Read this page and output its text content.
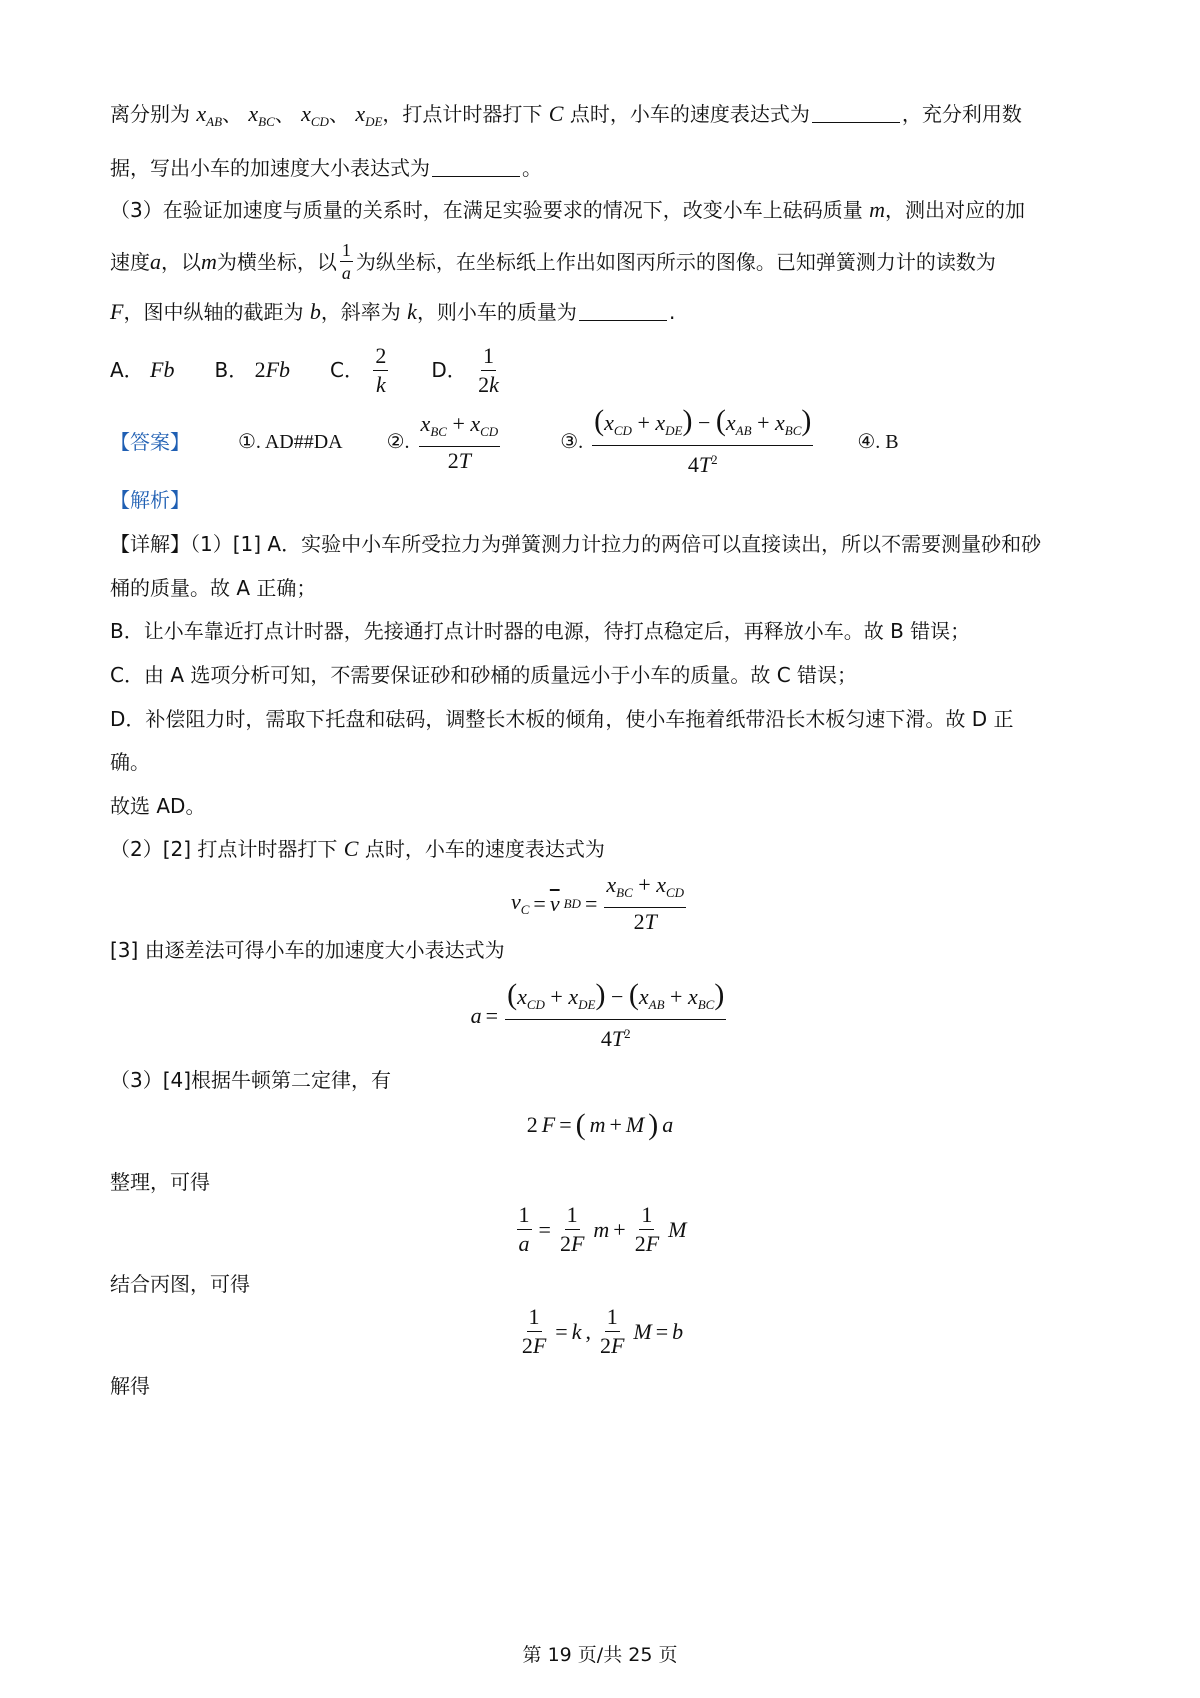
离分别为 $x_{AB}$、 $x_{BC}$、 $x_{CD}$、 $x_{DE}$，打点计时器打下 C 点时，小车的速度表达式为	，充分利用数
据，写出小车的加速度大小表达式为	。
（3）在验证加速度与质量的关系时，在满足实验要求的情况下，改变小车上砝码质量 m，测出对应的加
速度 a ，以 m 为横坐标，以 $\frac{1}{a}$ 为纵坐标，在坐标纸上作出如图丙所示的图像。已知弹簧测力计的读数为
F，图中纵轴的截距为 b，斜率为 k，则小车的质量为	.
A．
Fb B．
2 Fb C．
$\frac{2}{k}$ D．
$\frac{1}{2k}$
【答案】 ①. AD##DA ②. $\frac{x_{BC} + x_{CD}}{2T}$	③. $\frac{(x_{CD} + x_{DE}) - (x_{AB} + x_{BC})}{4T^2}$ ④. B
【解析】
【详解】（1）[1] A．实验中小车所受拉力为弹簧测力计拉力的两倍可以直接读出，所以不需要测量砂和砂
桶的质量。故 A 正确；
B．让小车靠近打点计时器，先接通打点计时器的电源，待打点稳定后，再释放小车。故 B 错误；
C．由 A 选项分析可知，不需要保证砂和砂桶的质量远小于小车的质量。故 C 错误；
D．补偿阻力时，需取下托盘和砝码，调整长木板的倾角，使小车拖着纸带沿长木板匀速下滑。故 D 正
确。
故选 AD。
（2）[2] 打点计时器打下 C 点时，小车的速度表达式为
$v_C = \overline{v}$ BD = $\frac{x_{BC} + x_{CD}}{2T}$
[3] 由逐差法可得小车的加速度大小表达式为
$a = \frac{(x_{CD} + x_{DE}) - (x_{AB} + x_{BC})}{4T^2}$
（3）[4]根据牛顿第二定律，有
2 F = ( m + M ) a
整理，可得
$\frac{1}{a} = \frac{1}{2F}$ $m + \frac{1}{2F}$ M
结合丙图，可得
$\frac{1}{2F} = k$ , $\frac{1}{2F}$ M = b
解得
第 19 页/共 25 页
